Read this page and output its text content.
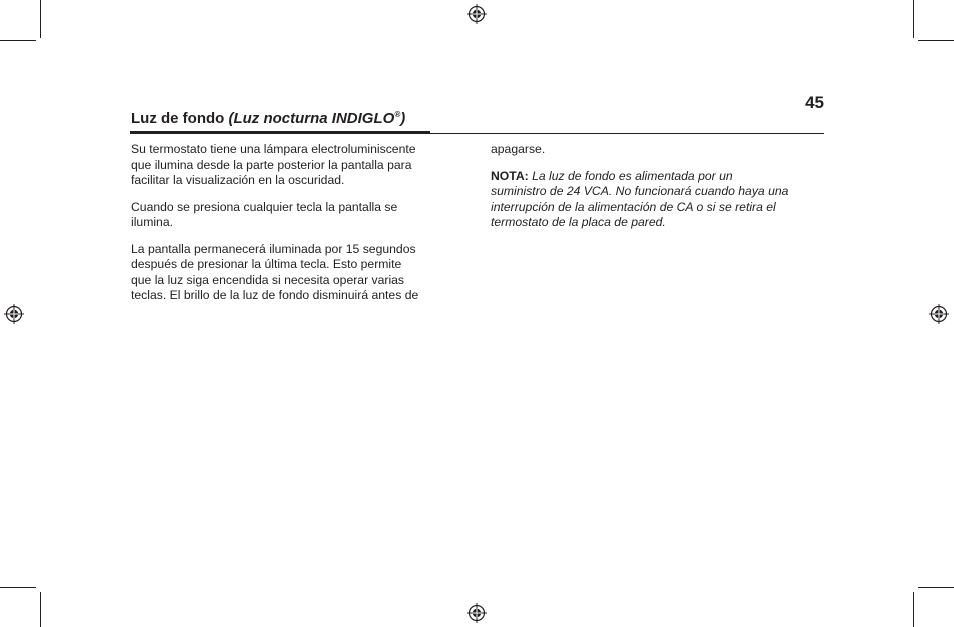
45
Luz de fondo (Luz nocturna INDIGLO®)

Su termostato tiene una lámpara electroluminiscente
que ilumina desde la parte posterior la pantalla para
facilitar la visualización en la oscuridad.

Cuando se presiona cualquier tecla la pantalla se
ilumina.

La pantalla permanecerá iluminada por 15 segundos
después de presionar la última tecla. Esto permite
que la luz siga encendida si necesita operar varias
teclas. El brillo de la luz de fondo disminuirá antes de

apagarse.

NOTA: La luz de fondo es alimentada por un
suministro de 24 VCA. No funcionará cuando haya una
interrupción de la alimentación de CA o si se retira el
termostato de la placa de pared.
